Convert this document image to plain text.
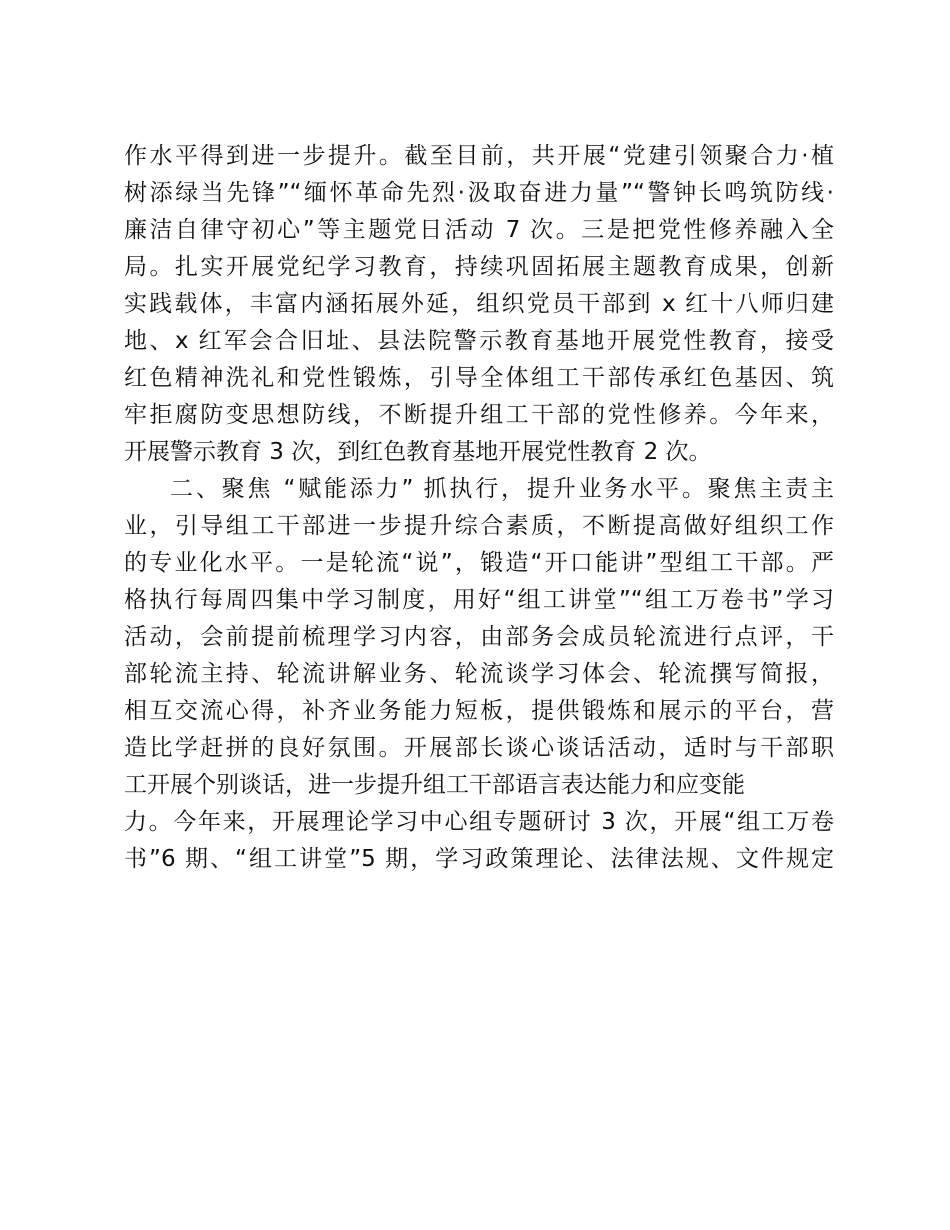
作水平得到进一步提升。截至目前，共开展“党建引领聚合力·植
树添绿当先锋”“缅怀革命先烈·汲取奋进力量”“警钟长鸣筑防线·
廉洁自律守初心”等主题党日活动 7 次。三是把党性修养融入全
局。扎实开展党纪学习教育，持续巩固拓展主题教育成果，创新
实践载体，丰富内涵拓展外延，组织党员干部到 x 红十八师归建
地、x 红军会合旧址、县法院警示教育基地开展党性教育，接受
红色精神洗礼和党性锻炼，引导全体组工干部传承红色基因、筑
牢拒腐防变思想防线，不断提升组工干部的党性修养。今年来，
开展警示教育 3 次，到红色教育基地开展党性教育 2 次。
二、聚焦 “赋能添力” 抓执行，提升业务水平。聚焦主责主
业，引导组工干部进一步提升综合素质，不断提高做好组织工作
的专业化水平。一是轮流“说”，锻造“开口能讲”型组工干部。严
格执行每周四集中学习制度，用好“组工讲堂”“组工万卷书”学习
活动，会前提前梳理学习内容，由部务会成员轮流进行点评，干
部轮流主持、轮流讲解业务、轮流谈学习体会、轮流撰写简报，
相互交流心得，补齐业务能力短板，提供锻炼和展示的平台，营
造比学赶拼的良好氛围。开展部长谈心谈话活动，适时与干部职
工开展个别谈话，进一步提升组工干部语言表达能力和应变能
力。今年来，开展理论学习中心组专题研讨 3 次，开展“组工万卷
书”6 期、“组工讲堂”5 期，学习政策理论、法律法规、文件规定
